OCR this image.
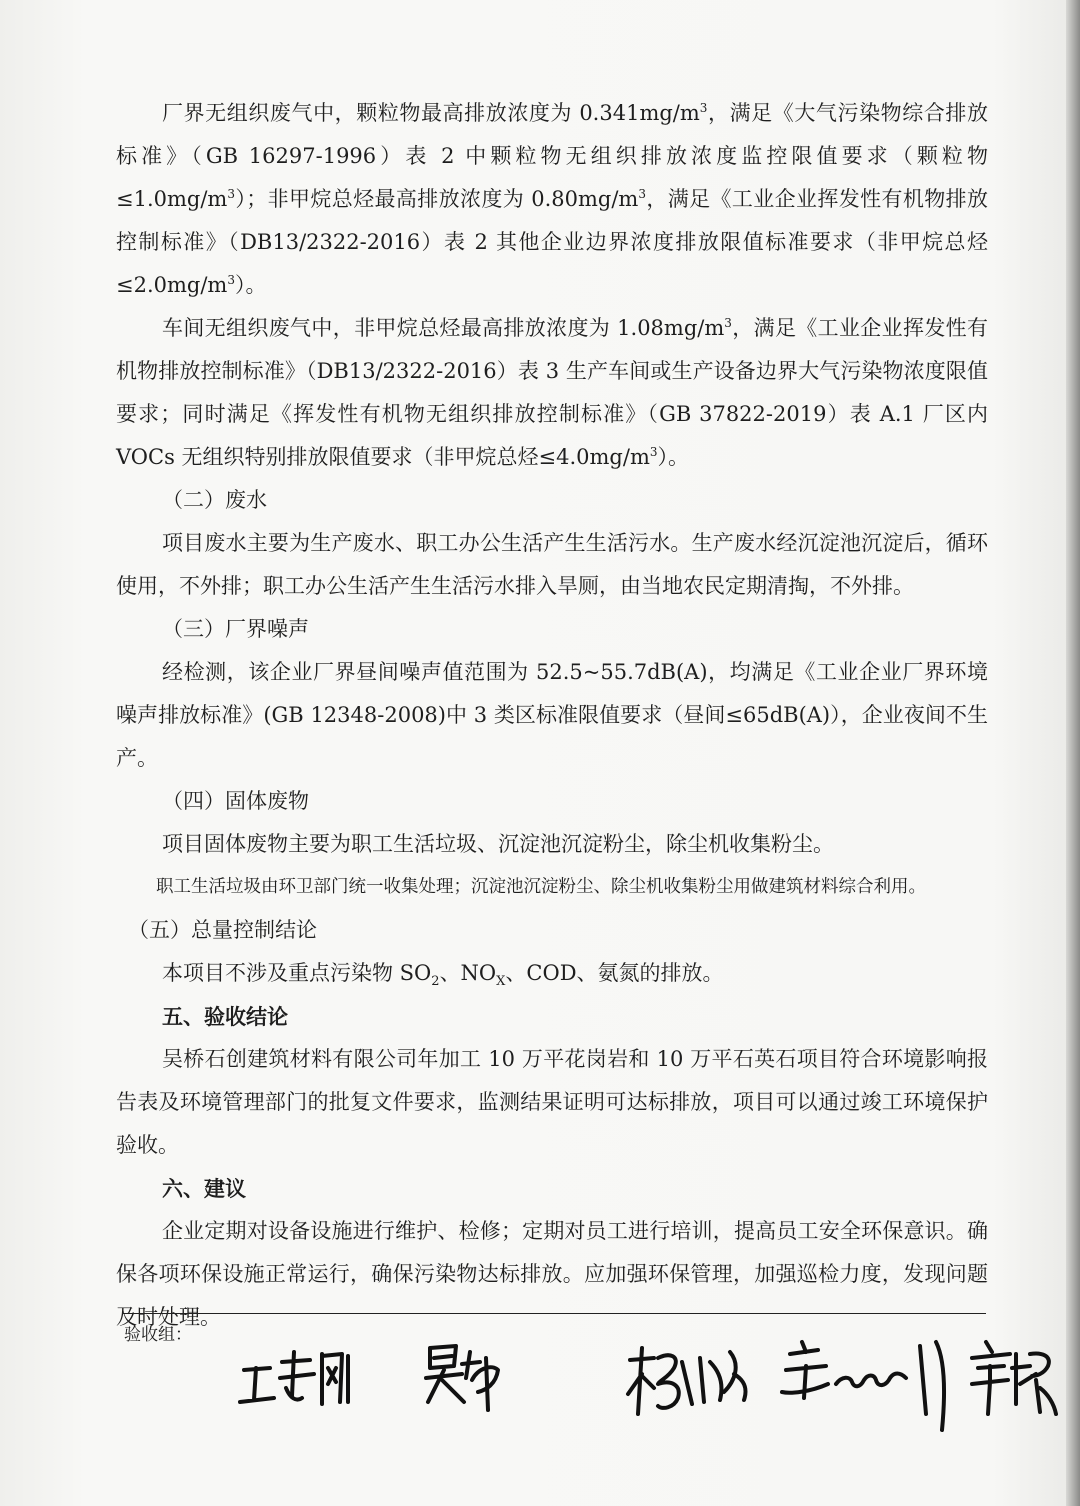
厂界无组织废气中，颗粒物最高排放浓度为 $0.341mg/m^3$，满足《大气污染物综合排放标准》（GB 16297-1996）表 2 中颗粒物无组织排放浓度监控限值要求（颗粒物$\le 1.0mg/m^3$）；非甲烷总烃最高排放浓度为 $0.80mg/m^3$，满足《工业企业挥发性有机物排放控制标准》（DB13/2322-2016）表 2 其他企业边界浓度排放限值标准要求（非甲烷总烃$\le 2.0mg/m^3$）。

车间无组织废气中，非甲烷总烃最高排放浓度为 $1.08mg/m^3$，满足《工业企业挥发性有机物排放控制标准》（DB13/2322-2016）表 3 生产车间或生产设备边界大气污染物浓度限值要求；同时满足《挥发性有机物无组织排放控制标准》（GB 37822-2019）表 A.1 厂区内 VOCs 无组织特别排放限值要求（非甲烷总烃$\le 4.0mg/m^3$）。

（二）废水

项目废水主要为生产废水、职工办公生活产生生活污水。生产废水经沉淀池沉淀后，循环使用，不外排；职工办公生活产生生活污水排入旱厕，由当地农民定期清掏，不外排。

（三）厂界噪声

经检测，该企业厂界昼间噪声值范围为 52.5~55.7dB(A)，均满足《工业企业厂界环境噪声排放标准》(GB 12348-2008)中 3 类区标准限值要求（昼间≤65dB(A)），企业夜间不生产。

（四）固体废物

项目固体废物主要为职工生活垃圾、沉淀池沉淀粉尘，除尘机收集粉尘。

职工生活垃圾由环卫部门统一收集处理；沉淀池沉淀粉尘、除尘机收集粉尘用做建筑材料综合利用。

（五）总量控制结论

本项目不涉及重点污染物 $SO_2$、$NO_X$、COD、氨氮的排放。

五、验收结论

吴桥石创建筑材料有限公司年加工 10 万平花岗岩和 10 万平石英石项目符合环境影响报告表及环境管理部门的批复文件要求，监测结果证明可达标排放，项目可以通过竣工环境保护验收。

六、建议

企业定期对设备设施进行维护、检修；定期对员工进行培训，提高员工安全环保意识。确保各项环保设施正常运行，确保污染物达标排放。应加强环保管理，加强巡检力度，发现问题及时处理。

验收组：
